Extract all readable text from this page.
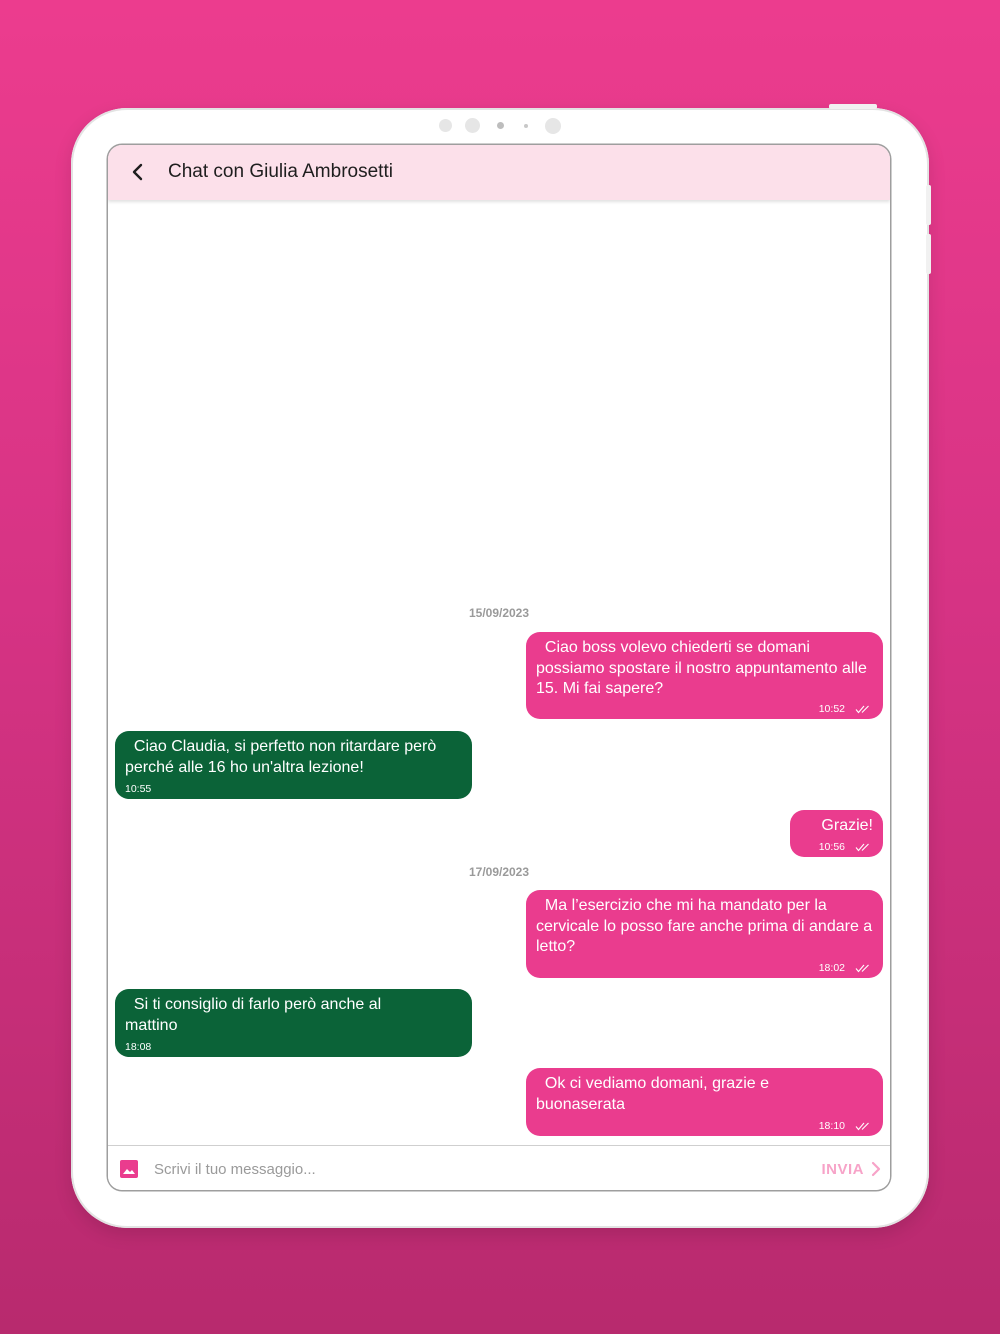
Chat con Giulia Ambrosetti
15/09/2023
Ciao boss volevo chiederti se domani possiamo spostare il nostro appuntamento alle 15. Mi fai sapere?
10:52
Ciao Claudia, si perfetto non ritardare però perché alle 16 ho un'altra lezione!
10:55
Grazie!
10:56
17/09/2023
Ma l’esercizio che mi ha mandato per la cervicale lo posso fare anche prima di andare a letto?
18:02
Si ti consiglio di farlo però anche al mattino
18:08
Ok ci vediamo domani, grazie e buonaserata
18:10
Scrivi il tuo messaggio...
INVIA
